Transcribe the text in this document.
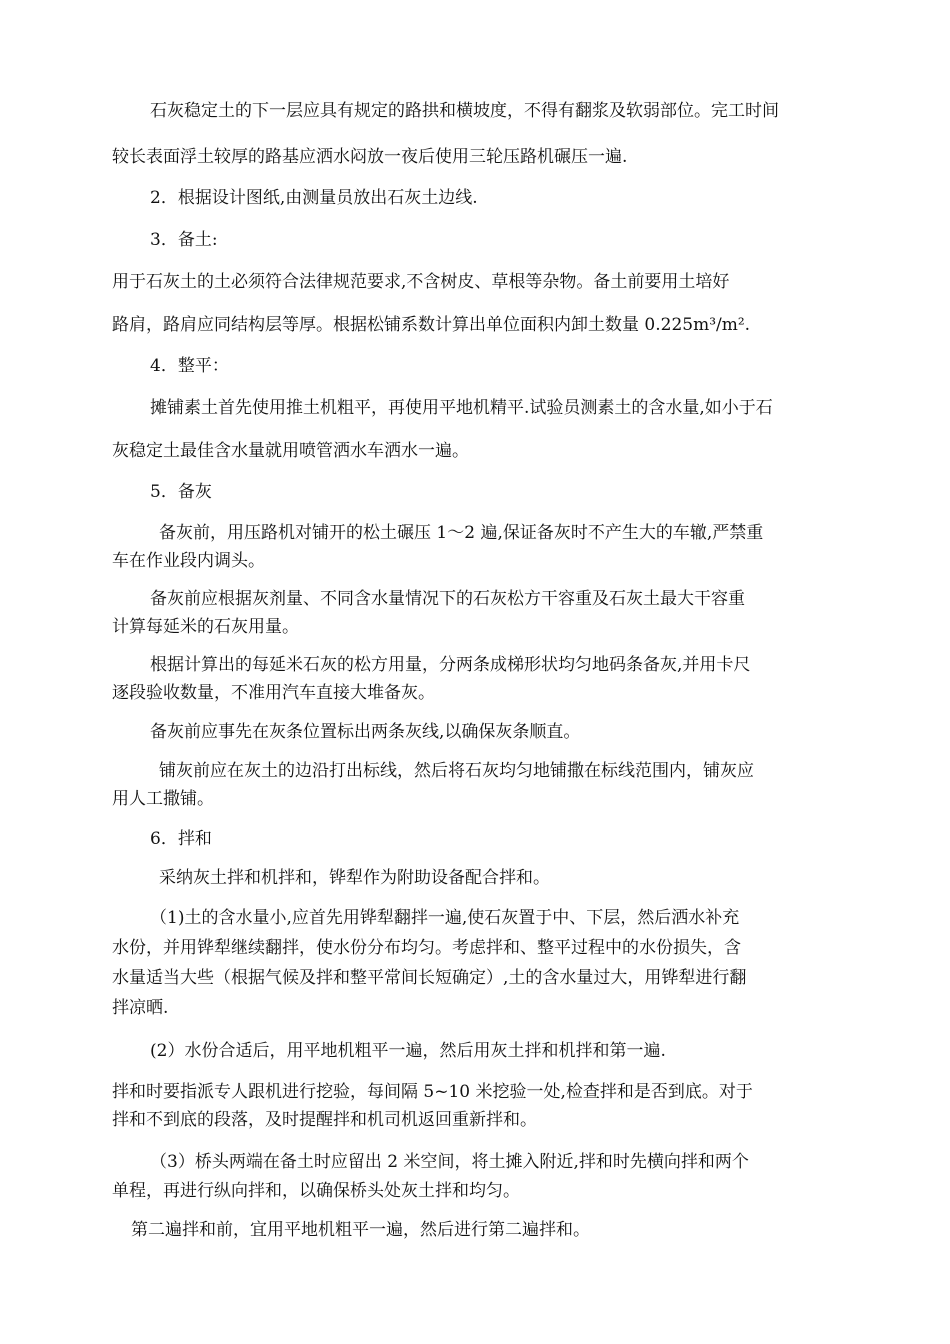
石灰稳定土的下一层应具有规定的路拱和横坡度，不得有翻浆及软弱部位。完工时间
较长表面浮土较厚的路基应洒水闷放一夜后使用三轮压路机碾压一遍.
2．根据设计图纸,由测量员放出石灰土边线.
3．备土:
用于石灰土的土必须符合法律规范要求,不含树皮、草根等杂物。备土前要用土培好
路肩，路肩应同结构层等厚。根据松铺系数计算出单位面积内卸土数量 0.225m³/m².
4．整平：
摊铺素土首先使用推土机粗平，再使用平地机精平.试验员测素土的含水量,如小于石
灰稳定土最佳含水量就用喷管洒水车洒水一遍。
5．备灰
备灰前，用压路机对铺开的松土碾压 1～2 遍,保证备灰时不产生大的车辙,严禁重
车在作业段内调头。
备灰前应根据灰剂量、不同含水量情况下的石灰松方干容重及石灰土最大干容重
计算每延米的石灰用量。
根据计算出的每延米石灰的松方用量，分两条成梯形状均匀地码条备灰,并用卡尺
逐段验收数量，不准用汽车直接大堆备灰。
备灰前应事先在灰条位置标出两条灰线,以确保灰条顺直。
铺灰前应在灰土的边沿打出标线，然后将石灰均匀地铺撒在标线范围内，铺灰应
用人工撒铺。
6．拌和
采纳灰土拌和机拌和，铧犁作为附助设备配合拌和。
（1)土的含水量小,应首先用铧犁翻拌一遍,使石灰置于中、下层，然后洒水补充
水份，并用铧犁继续翻拌，使水份分布均匀。考虑拌和、整平过程中的水份损失，含
水量适当大些（根据气候及拌和整平常间长短确定）,土的含水量过大，用铧犁进行翻
拌凉晒.
(2）水份合适后，用平地机粗平一遍，然后用灰土拌和机拌和第一遍.
拌和时要指派专人跟机进行挖验，每间隔 5~10 米挖验一处,检查拌和是否到底。对于
拌和不到底的段落，及时提醒拌和机司机返回重新拌和。
（3）桥头两端在备土时应留出 2 米空间，将土摊入附近,拌和时先横向拌和两个
单程，再进行纵向拌和，以确保桥头处灰土拌和均匀。
第二遍拌和前，宜用平地机粗平一遍，然后进行第二遍拌和。
